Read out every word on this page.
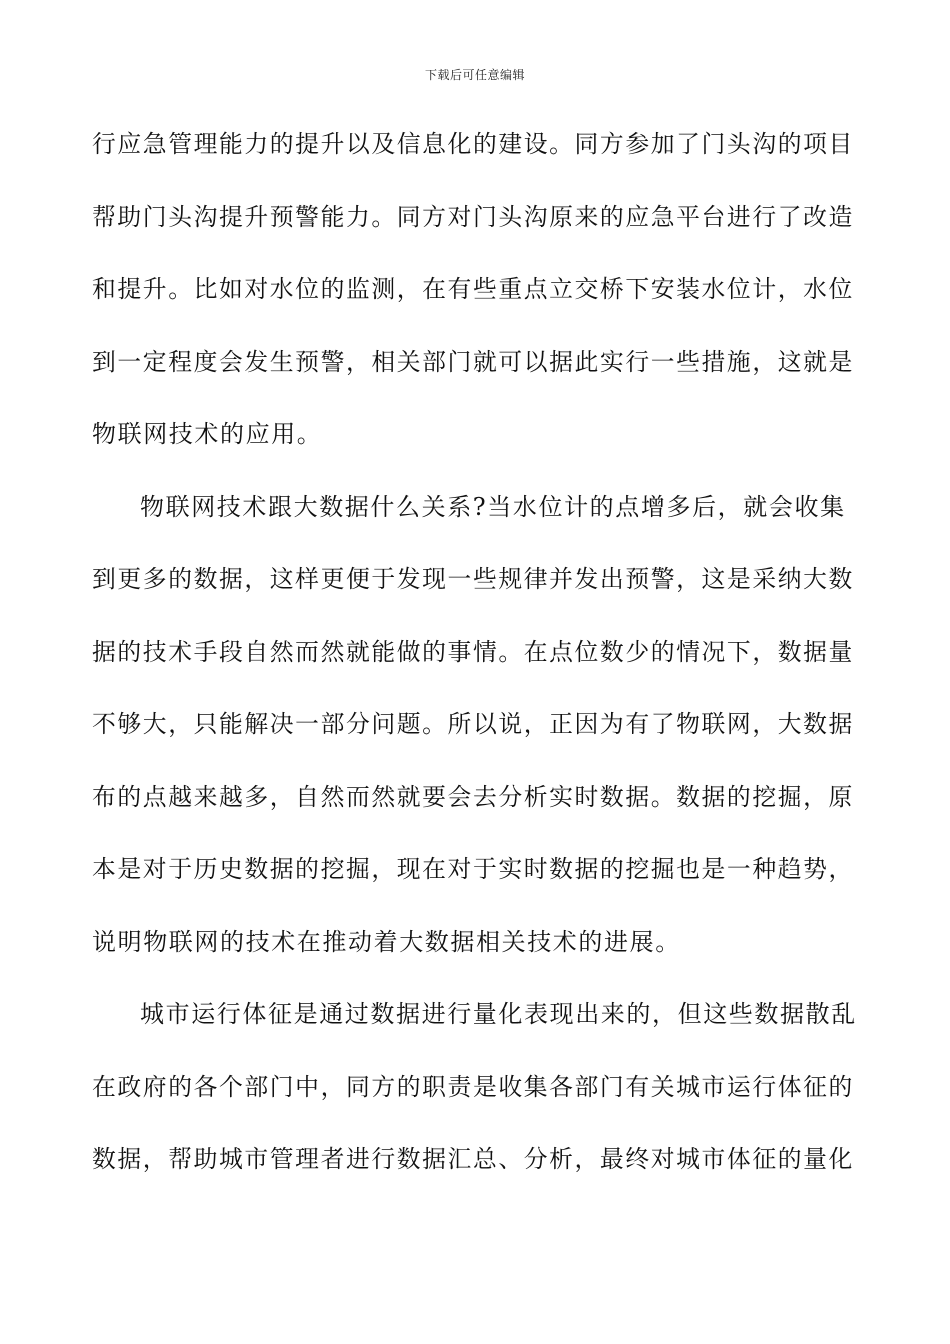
下载后可任意编辑

行应急管理能力的提升以及信息化的建设。同方参加了门头沟的项目
帮助门头沟提升预警能力。同方对门头沟原来的应急平台进行了改造
和提升。比如对水位的监测，在有些重点立交桥下安装水位计，水位
到一定程度会发生预警，相关部门就可以据此实行一些措施，这就是
物联网技术的应用。

物联网技术跟大数据什么关系?当水位计的点增多后，就会收集
到更多的数据，这样更便于发现一些规律并发出预警，这是采纳大数
据的技术手段自然而然就能做的事情。在点位数少的情况下，数据量
不够大，只能解决一部分问题。所以说，正因为有了物联网，大数据
布的点越来越多，自然而然就要会去分析实时数据。数据的挖掘，原
本是对于历史数据的挖掘，现在对于实时数据的挖掘也是一种趋势，
说明物联网的技术在推动着大数据相关技术的进展。

城市运行体征是通过数据进行量化表现出来的，但这些数据散乱
在政府的各个部门中，同方的职责是收集各部门有关城市运行体征的
数据，帮助城市管理者进行数据汇总、分析，最终对城市体征的量化
